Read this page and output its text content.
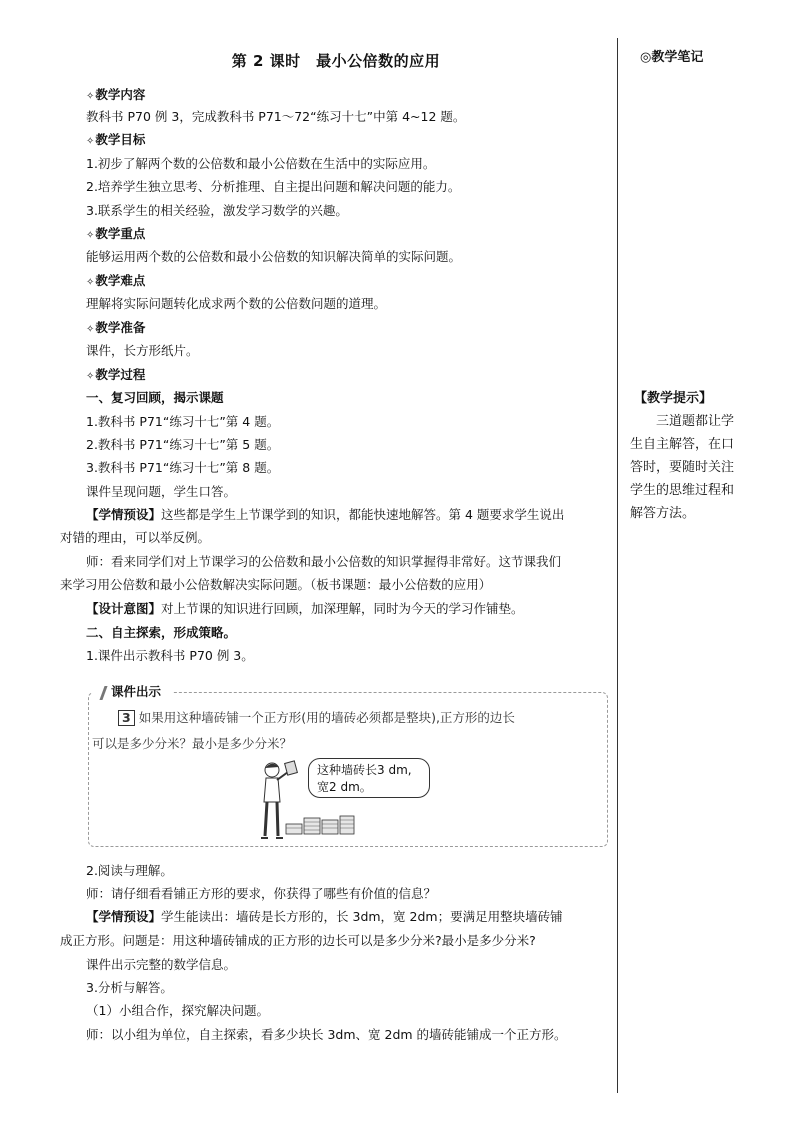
第 2 课时　最小公倍数的应用
✧教学内容
教科书 P70 例 3，完成教科书 P71～72“练习十七”中第 4~12 题。
✧教学目标
1.初步了解两个数的公倍数和最小公倍数在生活中的实际应用。
2.培养学生独立思考、分析推理、自主提出问题和解决问题的能力。
3.联系学生的相关经验，激发学习数学的兴趣。
✧教学重点
能够运用两个数的公倍数和最小公倍数的知识解决简单的实际问题。
✧教学难点
理解将实际问题转化成求两个数的公倍数问题的道理。
✧教学准备
课件，长方形纸片。
✧教学过程
一、复习回顾，揭示课题
1.教科书 P71“练习十七”第 4 题。
2.教科书 P71“练习十七”第 5 题。
3.教科书 P71“练习十七”第 8 题。
课件呈现问题，学生口答。
【学情预设】这些都是学生上节课学到的知识，都能快速地解答。第 4 题要求学生说出
对错的理由，可以举反例。
师：看来同学们对上节课学习的公倍数和最小公倍数的知识掌握得非常好。这节课我们
来学习用公倍数和最小公倍数解决实际问题。（板书课题：最小公倍数的应用）
【设计意图】对上节课的知识进行回顾，加深理解，同时为今天的学习作铺垫。
二、自主探索，形成策略。
1.课件出示教科书 P70 例 3。
2.阅读与理解。
师：请仔细看看铺正方形的要求，你获得了哪些有价值的信息？
【学情预设】学生能读出：墙砖是长方形的，长 3dm，宽 2dm；要满足用整块墙砖铺
成正方形。问题是：用这种墙砖铺成的正方形的边长可以是多少分米?最小是多少分米?
课件出示完整的数学信息。
3.分析与解答。
（1）小组合作，探究解决问题。
师：以小组为单位，自主探索，看多少块长 3dm、宽 2dm 的墙砖能铺成一个正方形。
课件出示
3 如果用这种墙砖铺一个正方形(用的墙砖必须都是整块),正方形的边长
可以是多少分米？最小是多少分米？
这种墙砖长3 dm,
宽2 dm。
◎教学笔记
【教学提示】
三道题都让学生自主解答，在口答时，要随时关注学生的思维过程和解答方法。
